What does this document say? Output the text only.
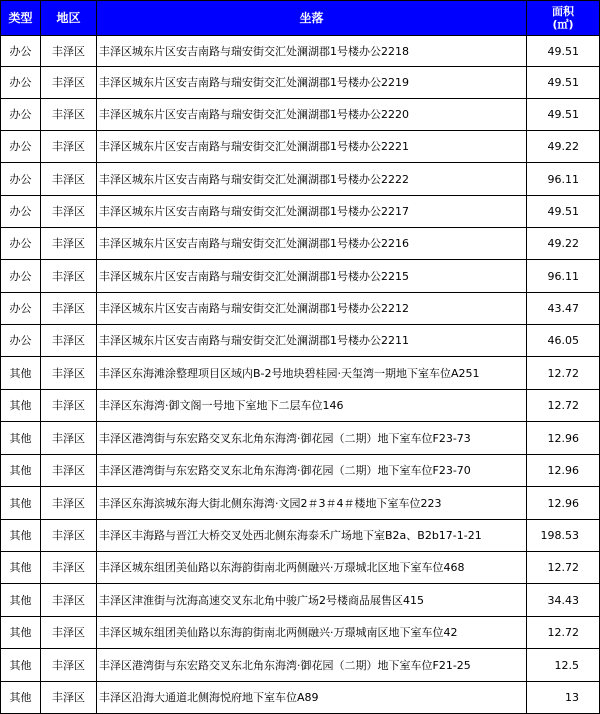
类型	地区	坐落	面积
(㎡)
办公	丰泽区	丰泽区城东片区安吉南路与瑞安街交汇处澜湖郡1号楼办公2218	49.51
办公	丰泽区	丰泽区城东片区安吉南路与瑞安街交汇处澜湖郡1号楼办公2219	49.51
办公	丰泽区	丰泽区城东片区安吉南路与瑞安街交汇处澜湖郡1号楼办公2220	49.51
办公	丰泽区	丰泽区城东片区安吉南路与瑞安街交汇处澜湖郡1号楼办公2221	49.22
办公	丰泽区	丰泽区城东片区安吉南路与瑞安街交汇处澜湖郡1号楼办公2222	96.11
办公	丰泽区	丰泽区城东片区安吉南路与瑞安街交汇处澜湖郡1号楼办公2217	49.51
办公	丰泽区	丰泽区城东片区安吉南路与瑞安街交汇处澜湖郡1号楼办公2216	49.22
办公	丰泽区	丰泽区城东片区安吉南路与瑞安街交汇处澜湖郡1号楼办公2215	96.11
办公	丰泽区	丰泽区城东片区安吉南路与瑞安街交汇处澜湖郡1号楼办公2212	43.47
办公	丰泽区	丰泽区城东片区安吉南路与瑞安街交汇处澜湖郡1号楼办公2211	46.05
其他	丰泽区	丰泽区东海滩涂整理项目区域内B-2号地块碧桂园·天玺湾一期地下室车位A251	12.72
其他	丰泽区	丰泽区东海湾·御文阁一号地下室地下二层车位146	12.72
其他	丰泽区	丰泽区港湾街与东宏路交叉东北角东海湾·御花园（二期）地下室车位F23-73	12.96
其他	丰泽区	丰泽区港湾街与东宏路交叉东北角东海湾·御花园（二期）地下室车位F23-70	12.96
其他	丰泽区	丰泽区东海滨城东海大街北侧东海湾·文园2＃3＃4＃楼地下室车位223	12.96
其他	丰泽区	丰泽区丰海路与晋江大桥交叉处西北侧东海泰禾广场地下室B2a、B2b17-1-21	198.53
其他	丰泽区	丰泽区城东组团美仙路以东海韵街南北两侧融兴·万璟城北区地下室车位468	12.72
其他	丰泽区	丰泽区津淮街与沈海高速交叉东北角中骏广场2号楼商品展售区415	34.43
其他	丰泽区	丰泽区城东组团美仙路以东海韵街南北两侧融兴·万璟城南区地下室车位42	12.72
其他	丰泽区	丰泽区港湾街与东宏路交叉东北角东海湾·御花园（二期）地下室车位F21-25	12.5
其他	丰泽区	丰泽区沿海大通道北侧海悦府地下室车位A89	13
